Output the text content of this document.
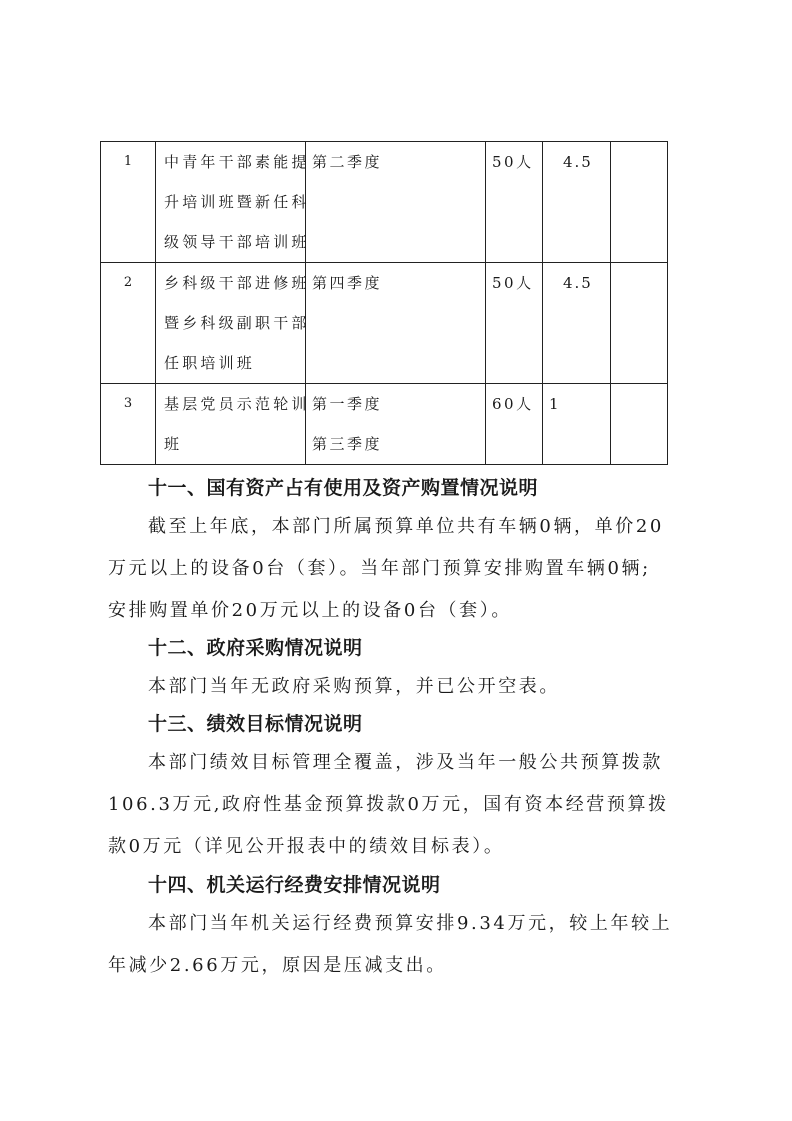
1	中青年干部素能提
升培训班暨新任科
级领导干部培训班	第二季度	50人	4.5	
2	乡科级干部进修班
暨乡科级副职干部
任职培训班	第四季度	50人	4.5	
3	基层党员示范轮训
班	第一季度
第三季度	60人	1	
十一、国有资产占有使用及资产购置情况说明
截至上年底，本部门所属预算单位共有车辆0辆，单价20
万元以上的设备0台（套）。当年部门预算安排购置车辆0辆;
安排购置单价20万元以上的设备0台（套）。
十二、政府采购情况说明
本部门当年无政府采购预算，并已公开空表。
十三、绩效目标情况说明
本部门绩效目标管理全覆盖，涉及当年一般公共预算拨款
106.3万元,政府性基金预算拨款0万元，国有资本经营预算拨
款0万元（详见公开报表中的绩效目标表）。
十四、机关运行经费安排情况说明
本部门当年机关运行经费预算安排9.34万元，较上年较上
年减少2.66万元，原因是压减支出。
